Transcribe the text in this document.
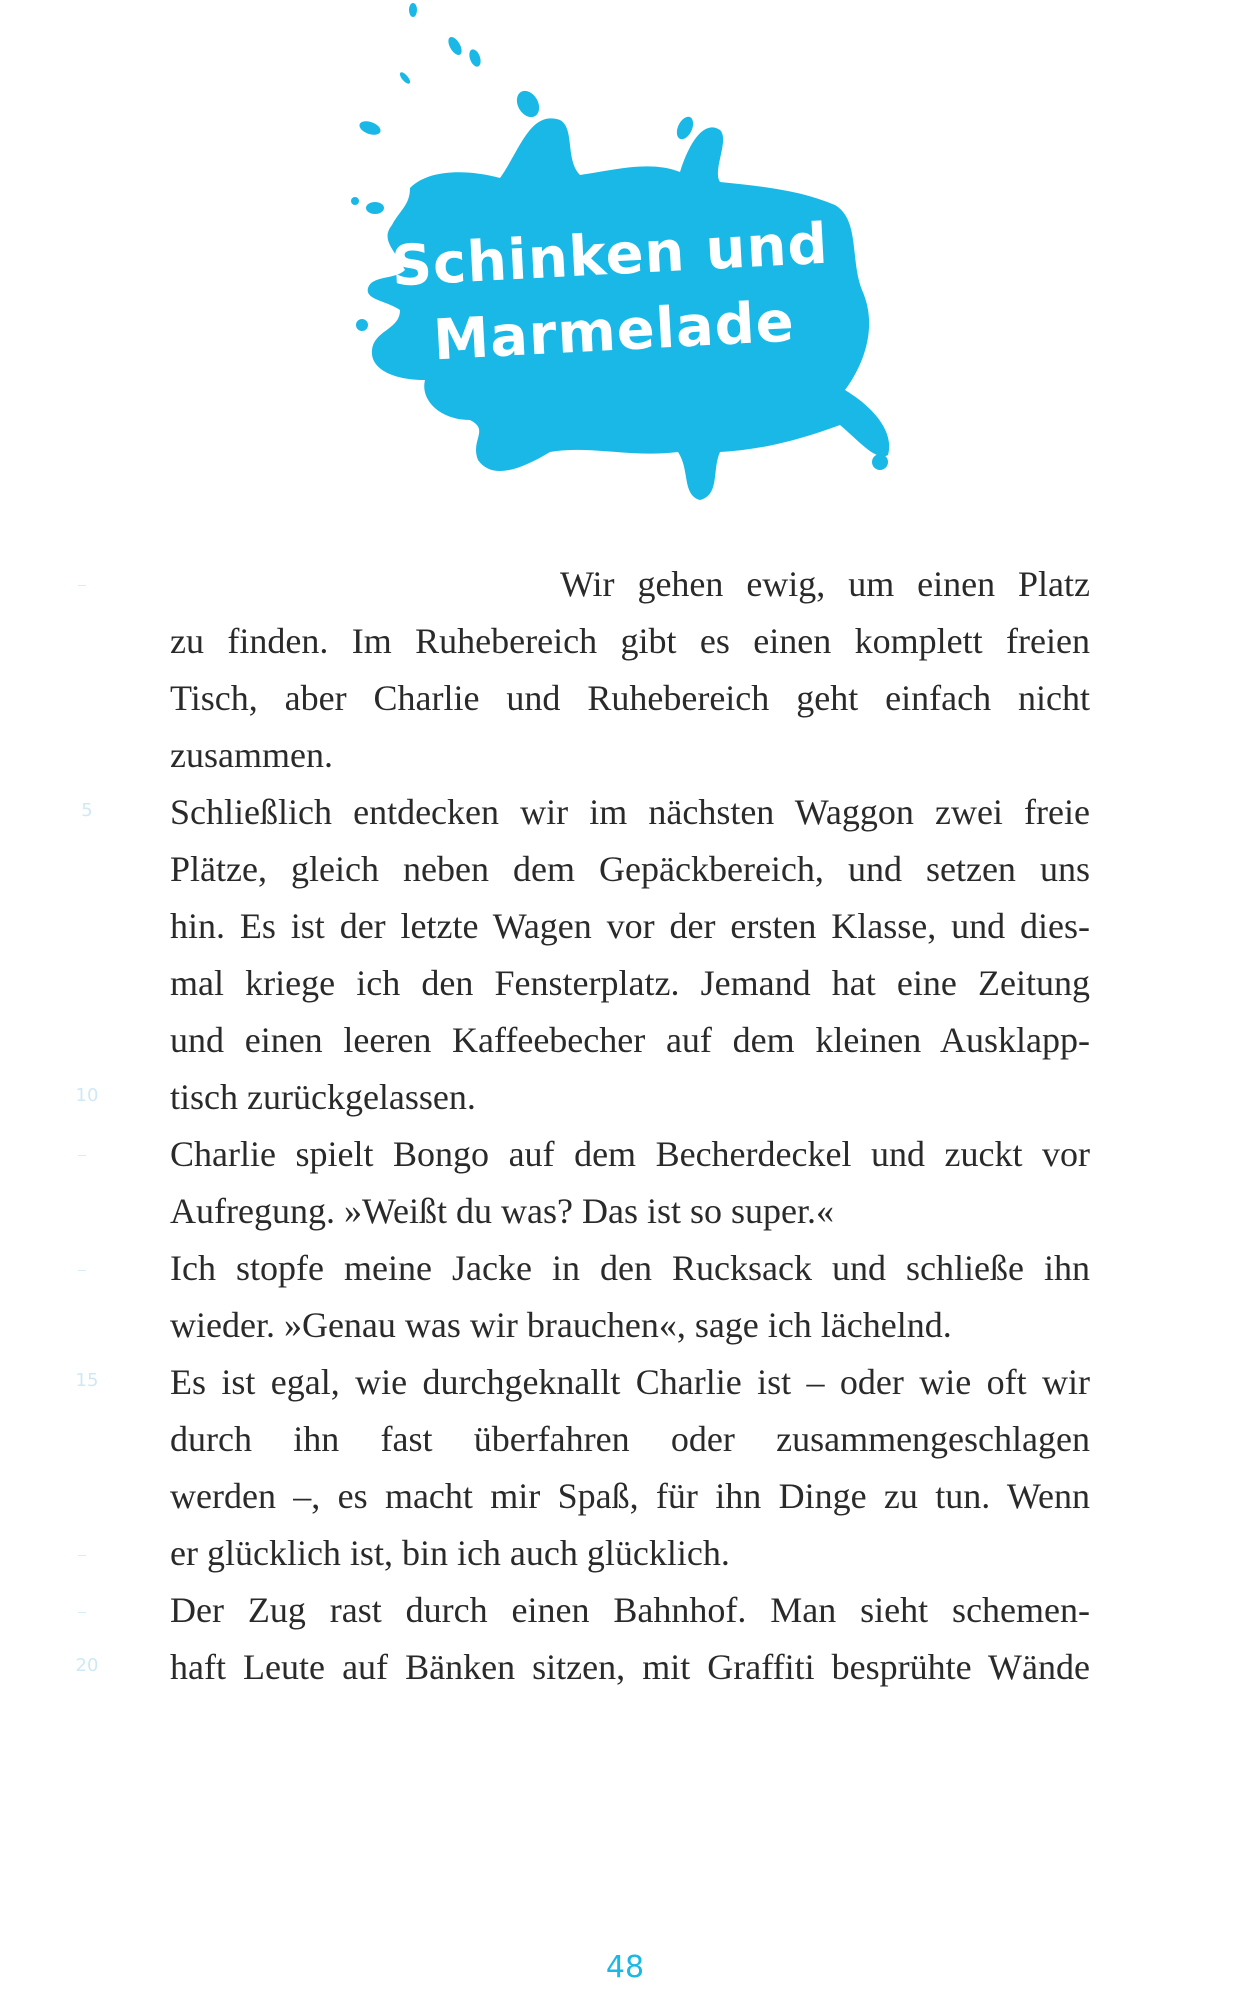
Schinken und
Marmelade
Wir gehen ewig, um einen Platz
zu finden. Im Ruhebereich gibt es einen komplett freien
Tisch, aber Charlie und Ruhebereich geht einfach nicht
zusammen.
Schließlich entdecken wir im nächsten Waggon zwei freie
Plätze, gleich neben dem Gepäckbereich, und setzen uns
hin. Es ist der letzte Wagen vor der ersten Klasse, und dies-
mal kriege ich den Fensterplatz. Jemand hat eine Zeitung
und einen leeren Kaffeebecher auf dem kleinen Ausklapp-
tisch zurückgelassen.
Charlie spielt Bongo auf dem Becherdeckel und zuckt vor
Aufregung. »Weißt du was? Das ist so super.«
Ich stopfe meine Jacke in den Rucksack und schließe ihn
wieder. »Genau was wir brauchen«, sage ich lächelnd.
Es ist egal, wie durchgeknallt Charlie ist – oder wie oft wir
durch ihn fast überfahren oder zusammengeschlagen
werden –, es macht mir Spaß, für ihn Dinge zu tun. Wenn
er glücklich ist, bin ich auch glücklich.
Der Zug rast durch einen Bahnhof. Man sieht schemen-
haft Leute auf Bänken sitzen, mit Graffiti besprühte Wände
5
10
15
20
48
